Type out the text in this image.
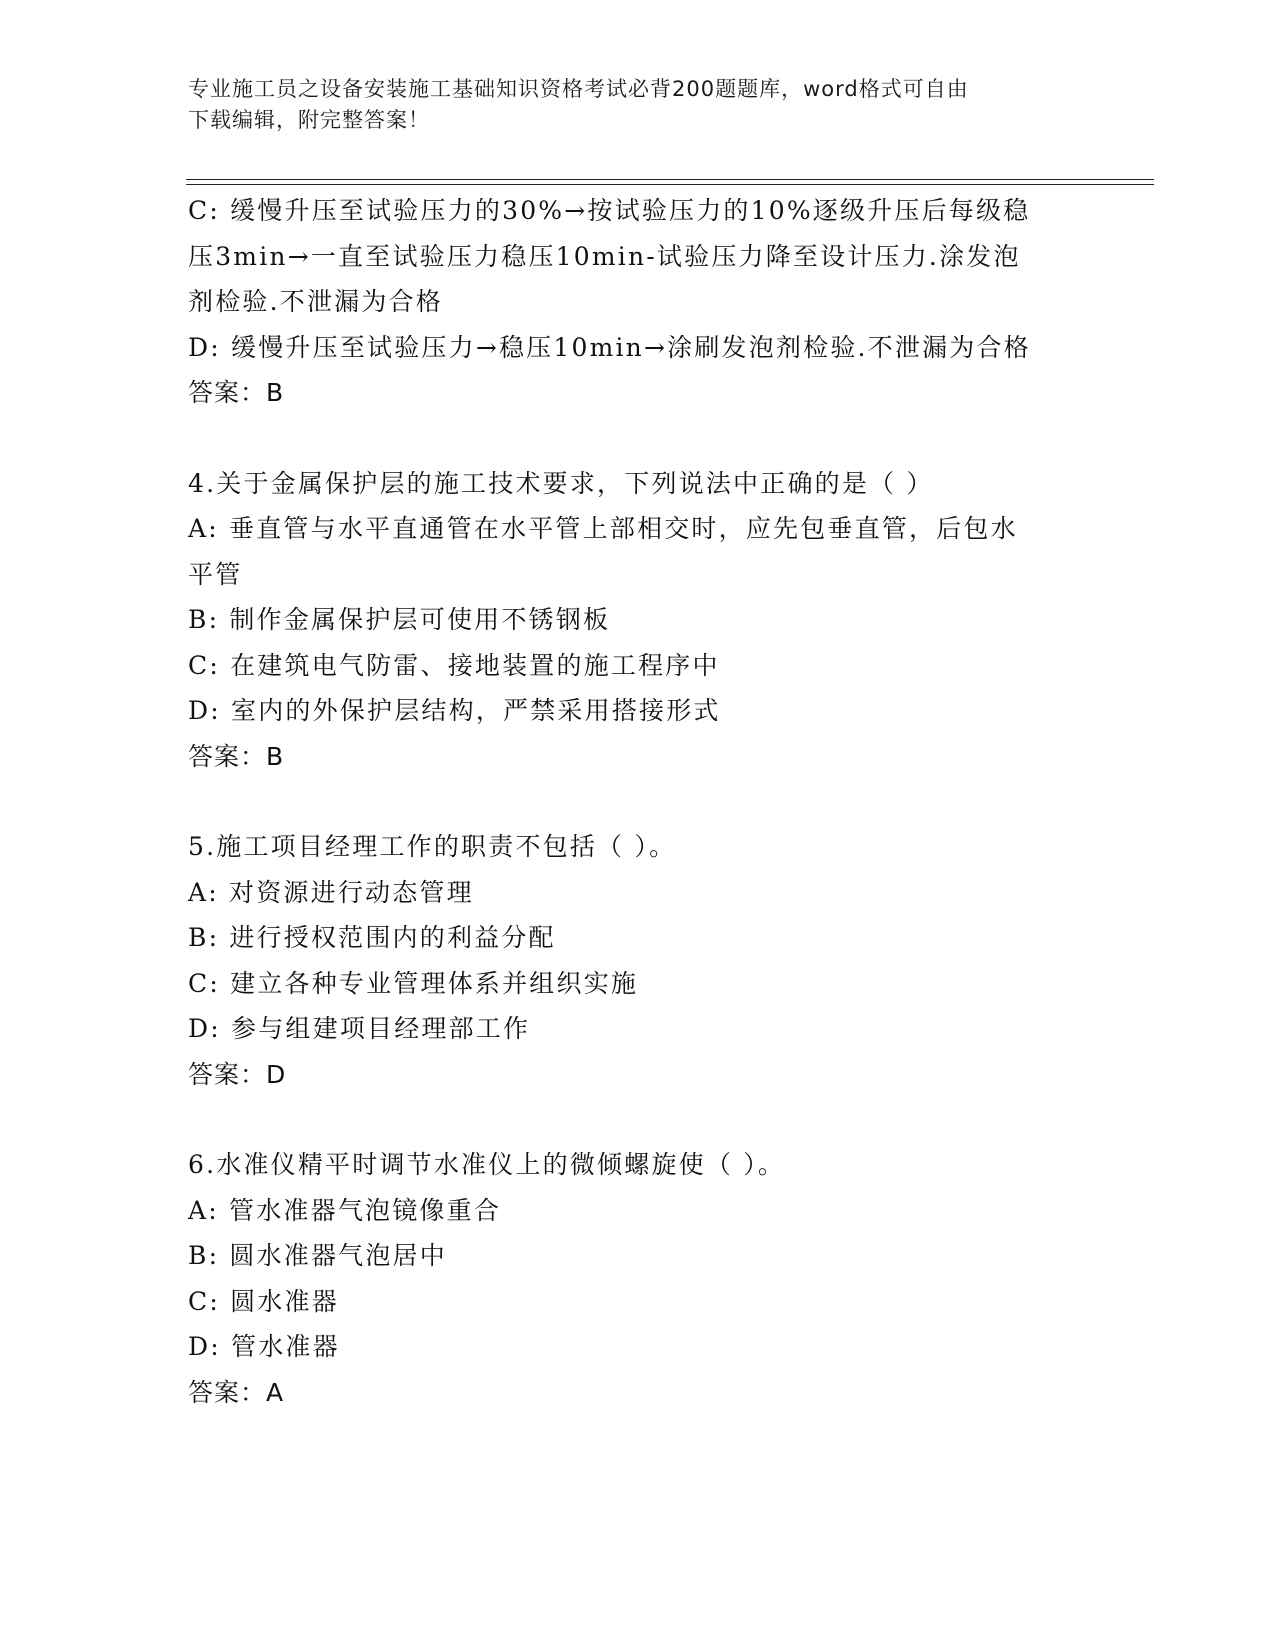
专业施工员之设备安装施工基础知识资格考试必背200题题库，word格式可自由
下载编辑，附完整答案！
C: 缓慢升压至试验压力的30%→按试验压力的10%逐级升压后每级稳
压3min→一直至试验压力稳压10min-试验压力降至设计压力.涂发泡
剂检验.不泄漏为合格
D: 缓慢升压至试验压力→稳压10min→涂刷发泡剂检验.不泄漏为合格
答案：B
4.关于金属保护层的施工技术要求，下列说法中正确的是（ ）
A: 垂直管与水平直通管在水平管上部相交时，应先包垂直管，后包水
平管
B: 制作金属保护层可使用不锈钢板
C: 在建筑电气防雷、接地装置的施工程序中
D: 室内的外保护层结构，严禁采用搭接形式
答案：B
5.施工项目经理工作的职责不包括（ ）。
A: 对资源进行动态管理
B: 进行授权范围内的利益分配
C: 建立各种专业管理体系并组织实施
D: 参与组建项目经理部工作
答案：D
6.水准仪精平时调节水准仪上的微倾螺旋使（ ）。
A: 管水准器气泡镜像重合
B: 圆水准器气泡居中
C: 圆水准器
D: 管水准器
答案：A
